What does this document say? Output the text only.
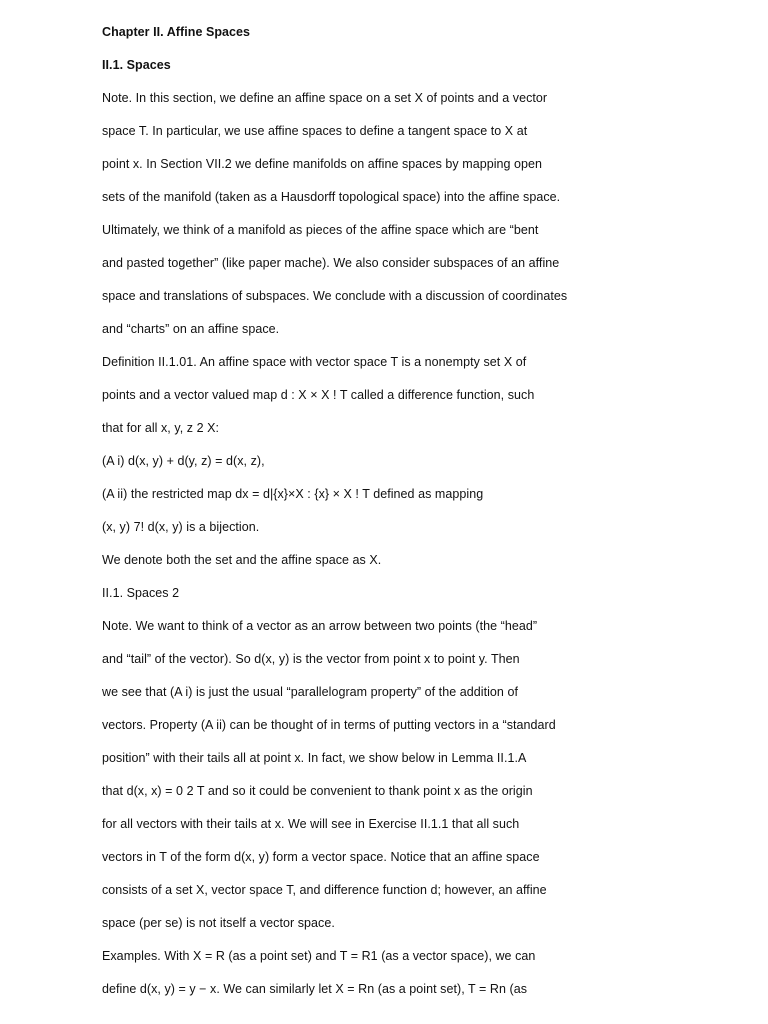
Chapter II. Affine Spaces
II.1. Spaces
Note. In this section, we define an affine space on a set X of points and a vector
space T. In particular, we use affine spaces to define a tangent space to X at
point x. In Section VII.2 we define manifolds on affine spaces by mapping open
sets of the manifold (taken as a Hausdorff topological space) into the affine space.
Ultimately, we think of a manifold as pieces of the affine space which are “bent
and pasted together” (like paper mache). We also consider subspaces of an affine
space and translations of subspaces. We conclude with a discussion of coordinates
and “charts” on an affine space.
Definition II.1.01. An affine space with vector space T is a nonempty set X of
points and a vector valued map d : X × X ! T called a difference function, such
that for all x, y, z 2 X:
(A i) d(x, y) + d(y, z) = d(x, z),
(A ii) the restricted map dx = d|{x}×X : {x} × X ! T defined as mapping
(x, y) 7! d(x, y) is a bijection.
We denote both the set and the affine space as X.
II.1. Spaces 2
Note. We want to think of a vector as an arrow between two points (the “head”
and “tail” of the vector). So d(x, y) is the vector from point x to point y. Then
we see that (A i) is just the usual “parallelogram property” of the addition of
vectors. Property (A ii) can be thought of in terms of putting vectors in a “standard
position” with their tails all at point x. In fact, we show below in Lemma II.1.A
that d(x, x) = 0 2 T and so it could be convenient to thank point x as the origin
for all vectors with their tails at x. We will see in Exercise II.1.1 that all such
vectors in T of the form d(x, y) form a vector space. Notice that an affine space
consists of a set X, vector space T, and difference function d; however, an affine
space (per se) is not itself a vector space.
Examples. With X = R (as a point set) and T = R1 (as a vector space), we can
define d(x, y) = y − x. We can similarly let X = Rn (as a point set), T = Rn (as
